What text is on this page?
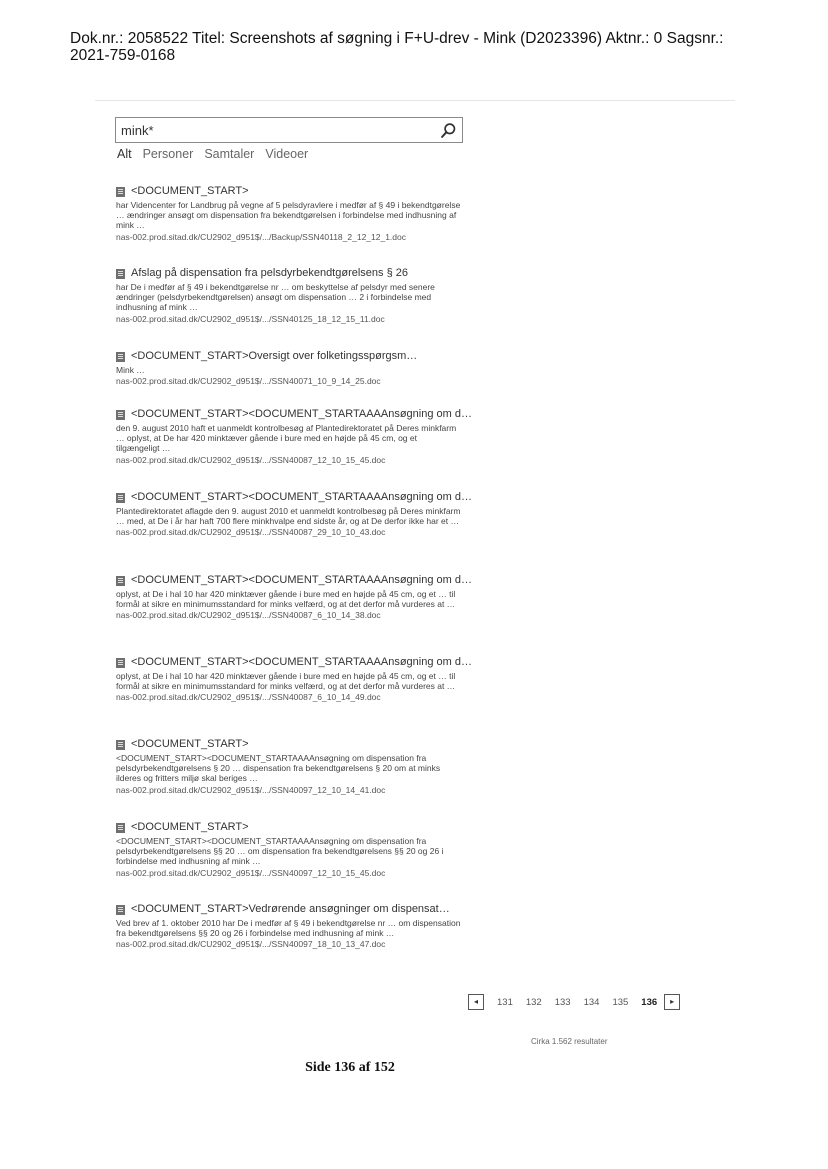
Dok.nr.: 2058522 Titel: Screenshots af søgning i F+U-drev - Mink (D2023396) Aktnr.: 0 Sagsnr.:
2021-759-0168
mink*
Alt Personer Samtaler Videoer
<DOCUMENT_START>
har Videncenter for Landbrug på vegne af 5 pelsdyravlere i medfør af § 49 i bekendtgørelse … ændringer ansøgt om dispensation fra bekendtgørelsen i forbindelse med indhusning af mink …
nas-002.prod.sitad.dk/CU2902_d951$/.../Backup/SSN40118_2_12_12_1.doc
Afslag på dispensation fra pelsdyrbekendtgørelsens § 26
har De i medfør af § 49 i bekendtgørelse nr … om beskyttelse af pelsdyr med senere ændringer (pelsdyrbekendtgørelsen) ansøgt om dispensation … 2 i forbindelse med indhusning af mink …
nas-002.prod.sitad.dk/CU2902_d951$/.../SSN40125_18_12_15_11.doc
<DOCUMENT_START>Oversigt over folketingsspørgsm…
Mink …
nas-002.prod.sitad.dk/CU2902_d951$/.../SSN40071_10_9_14_25.doc
<DOCUMENT_START><DOCUMENT_STARTAAAAnsøgning om d…
den 9. august 2010 haft et uanmeldt kontrolbesøg af Plantedirektoratet på Deres minkfarm … oplyst, at De har 420 minktæver gående i bure med en højde på 45 cm, og et tilgængeligt …
nas-002.prod.sitad.dk/CU2902_d951$/.../SSN40087_12_10_15_45.doc
<DOCUMENT_START><DOCUMENT_STARTAAAAnsøgning om d…
Plantedirektoratet aflagde den 9. august 2010 et uanmeldt kontrolbesøg på Deres minkfarm … med, at De i år har haft 700 flere minkhvalpe end sidste år, og at De derfor ikke har et …
nas-002.prod.sitad.dk/CU2902_d951$/.../SSN40087_29_10_10_43.doc
<DOCUMENT_START><DOCUMENT_STARTAAAAnsøgning om d…
oplyst, at De i hal 10 har 420 minktæver gående i bure med en højde på 45 cm, og et … til formål at sikre en minimumsstandard for minks velfærd, og at det derfor må vurderes at …
nas-002.prod.sitad.dk/CU2902_d951$/.../SSN40087_6_10_14_38.doc
<DOCUMENT_START><DOCUMENT_STARTAAAAnsøgning om d…
oplyst, at De i hal 10 har 420 minktæver gående i bure med en højde på 45 cm, og et … til formål at sikre en minimumsstandard for minks velfærd, og at det derfor må vurderes at …
nas-002.prod.sitad.dk/CU2902_d951$/.../SSN40087_6_10_14_49.doc
<DOCUMENT_START>
<DOCUMENT_START><DOCUMENT_STARTAAAAnsøgning om dispensation fra pelsdyrbekendtgørelsens § 20 … dispensation fra bekendtgørelsens § 20 om at minks ilderes og fritters miljø skal beriges …
nas-002.prod.sitad.dk/CU2902_d951$/.../SSN40097_12_10_14_41.doc
<DOCUMENT_START>
<DOCUMENT_START><DOCUMENT_STARTAAAAnsøgning om dispensation fra pelsdyrbekendtgørelsens §§ 20 … om dispensation fra bekendtgørelsens §§ 20 og 26 i forbindelse med indhusning af mink …
nas-002.prod.sitad.dk/CU2902_d951$/.../SSN40097_12_10_15_45.doc
<DOCUMENT_START>Vedrørende ansøgninger om dispensat…
Ved brev af 1. oktober 2010 har De i medfør af § 49 i bekendtgørelse nr … om dispensation fra bekendtgørelsens §§ 20 og 26 i forbindelse med indhusning af mink …
nas-002.prod.sitad.dk/CU2902_d951$/.../SSN40097_18_10_13_47.doc
◂	131 132 133 134 135 136	▸
Cirka 1.562 resultater
Side 136 af 152
